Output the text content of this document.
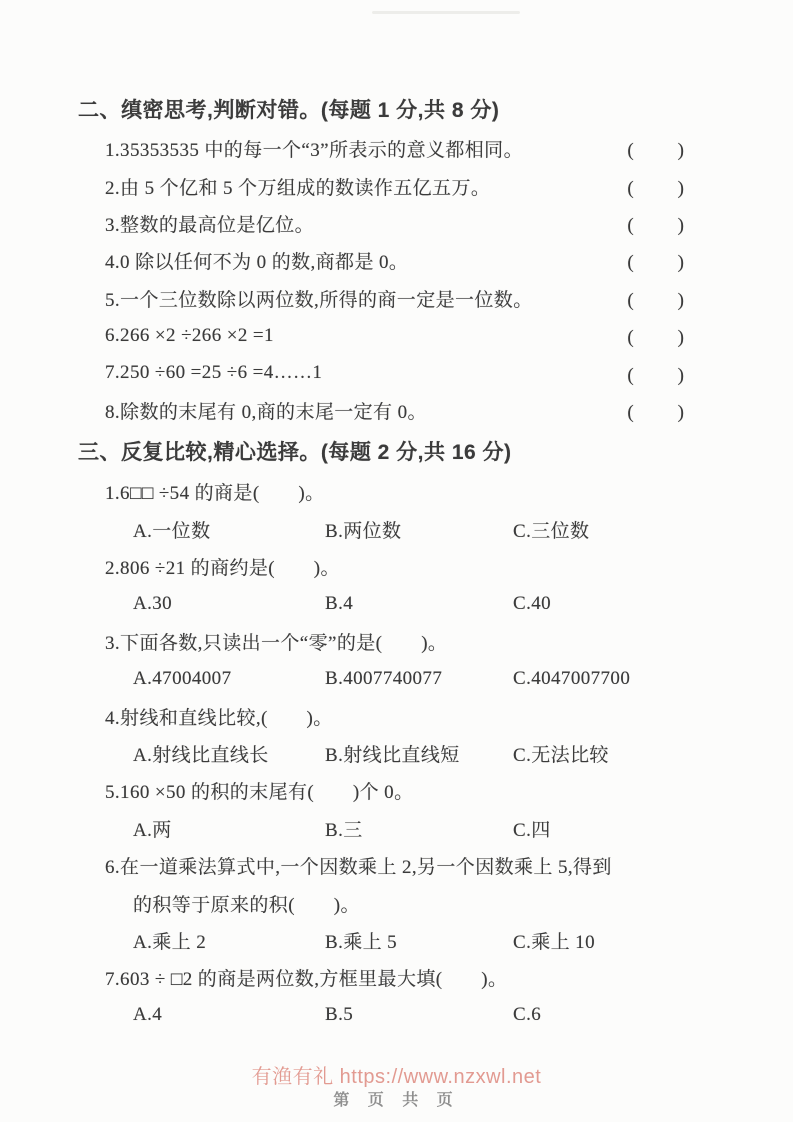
二、缜密思考,判断对错。(每题 1 分,共 8 分)
1.35353535 中的每一个“3”所表示的意义都相同。	(　　)
2.由 5 个亿和 5 个万组成的数读作五亿五万。	(　　)
3.整数的最高位是亿位。	(　　)
4.0 除以任何不为 0 的数,商都是 0。	(　　)
5.一个三位数除以两位数,所得的商一定是一位数。	(　　)
6.266 ×2 ÷266 ×2 =1	(　　)
7.250 ÷60 =25 ÷6 =4……1	(　　)
8.除数的末尾有 0,商的末尾一定有 0。	(　　)
三、反复比较,精心选择。(每题 2 分,共 16 分)
1.6□□ ÷54 的商是(　　)。
A.一位数	B.两位数	C.三位数
2.806 ÷21 的商约是(　　)。
A.30	B.4	C.40
3.下面各数,只读出一个“零”的是(　　)。
A.47004007	B.4007740077	C.4047007700
4.射线和直线比较,(　　)。
A.射线比直线长	B.射线比直线短	C.无法比较
5.160 ×50 的积的末尾有(　　)个 0。
A.两	B.三	C.四
6.在一道乘法算式中,一个因数乘上 2,另一个因数乘上 5,得到
的积等于原来的积(　　)。
A.乘上 2	B.乘上 5	C.乘上 10
7.603 ÷ □2 的商是两位数,方框里最大填(　　)。
A.4	B.5	C.6
有渔有礼 https://www.nzxwl.net
第 页 共 页
